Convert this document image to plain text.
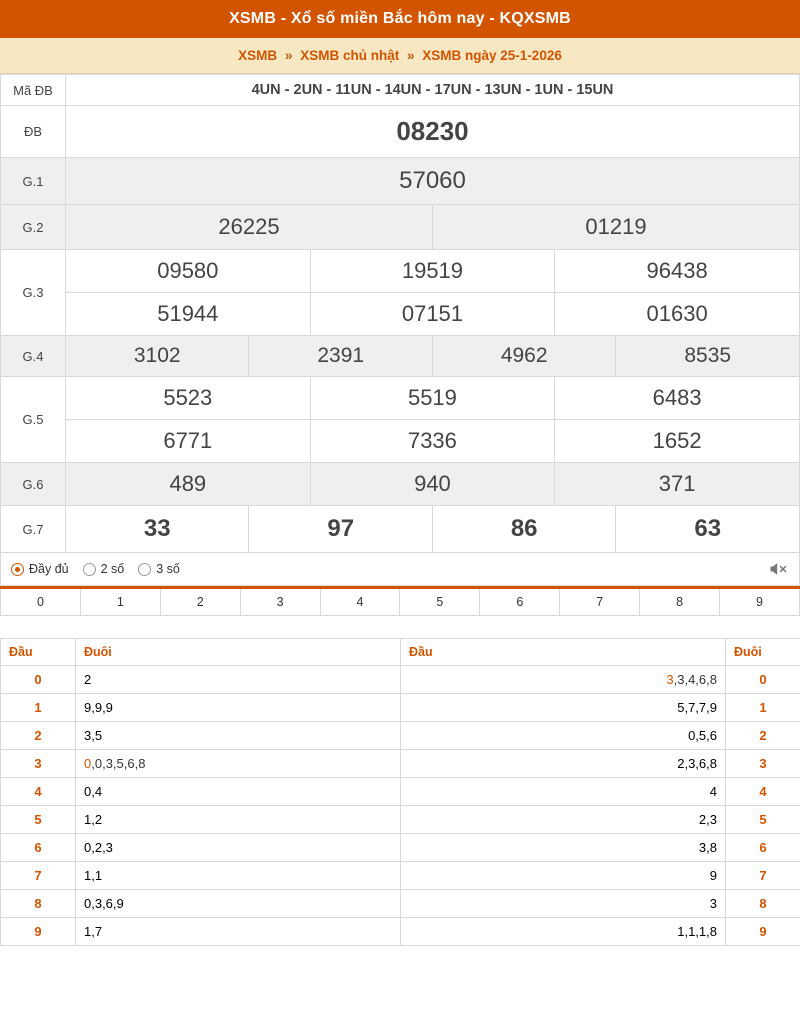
XSMB - Xổ số miền Bắc hôm nay - KQXSMB
XSMB » XSMB chủ nhật » XSMB ngày 25-1-2026
Mã ĐB	4UN - 2UN - 11UN - 14UN - 17UN - 13UN - 1UN - 15UN					
ĐB	08230					
G.1	57060					
G.2	26225			01219		
G.3	09580		19519		96438	
	51944		07151		01630	
G.4	3102	2391		4962		8535
G.5	5523		5519		6483	
	6771		7336		1652	
G.6	489		940		371	
G.7	33	97		86		63
Đầy đủ	2 số	3 số
0	1	2	3	4	5	6	7	8	9
Đầu	Đuôi	Đầu	Đuôi
0	2	3,3,4,6,8	0
1	9,9,9	5,7,7,9	1
2	3,5	0,5,6	2
3	0,0,3,5,6,8	2,3,6,8	3
4	0,4	4	4
5	1,2	2,3	5
6	0,2,3	3,8	6
7	1,1	9	7
8	0,3,6,9	3	8
9	1,7	1,1,1,8	9
